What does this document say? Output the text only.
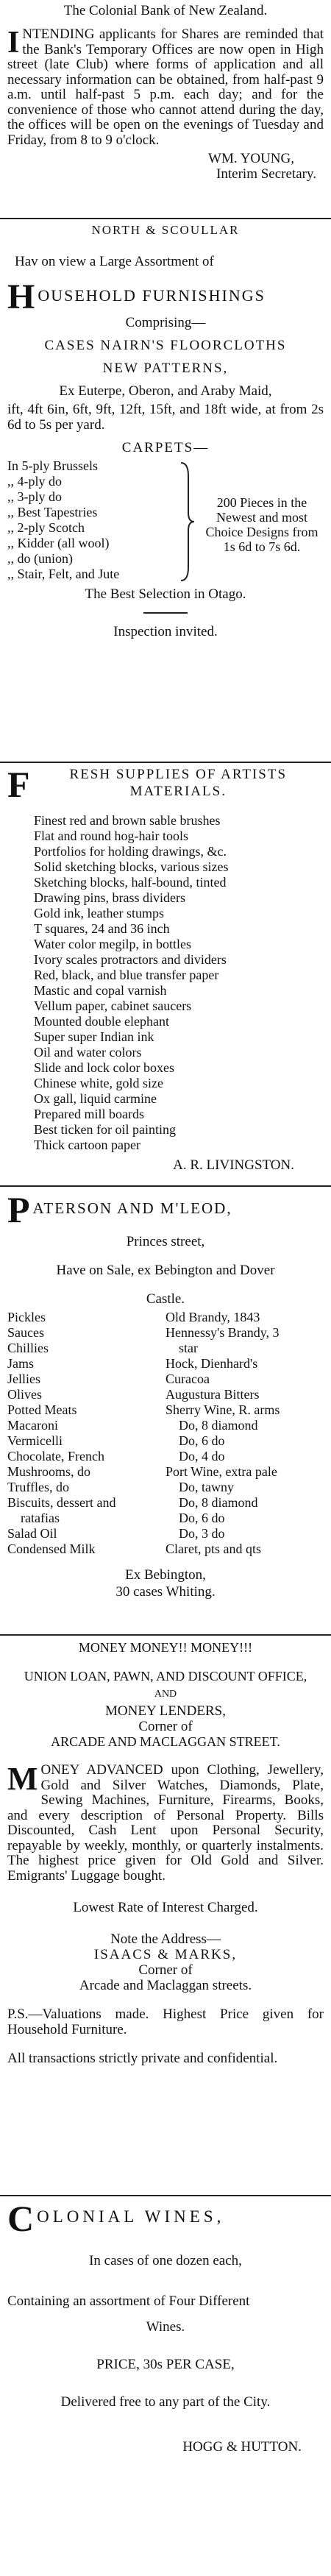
The Colonial Bank of New Zealand.

I NTENDING applicants for Shares are reminded that the Bank's Temporary Offices are now open in High street (late Club) where forms of application and all necessary information can be obtained, from half-past 9 a.m. until half-past 5 p.m. each day; and for the convenience of those who cannot attend during the day, the offices will be open on the evenings of Tuesday and Friday, from 8 to 9 o'clock.

WM. YOUNG,

Interim Secretary.

NORTH & SCOULLAR

Hav on view a Large Assortment of

H OUSEHOLD FURNISHINGS

Comprising—

CASES NAIRN'S FLOORCLOTHS

NEW PATTERNS,

Ex Euterpe, Oberon, and Araby Maid,

ift, 4ft 6in, 6ft, 9ft, 12ft, 15ft, and 18ft wide, at from 2s 6d to 5s per yard.

CARPETS—

In 5-ply Brussels
,, 4-ply do
,, 3-ply do
,, Best Tapestries
,, 2-ply Scotch
,, Kidder (all wool)
,, do (union)
,, Stair, Felt, and Jute

200 Pieces in the Newest and most Choice Designs from 1s 6d to 7s 6d.

The Best Selection in Otago.

Inspection invited.

F	RESH SUPPLIES OF ARTISTS MATERIALS.

Finest red and brown sable brushes
Flat and round hog-hair tools
Portfolios for holding drawings, &c.
Solid sketching blocks, various sizes
Sketching blocks, half-bound, tinted
Drawing pins, brass dividers
Gold ink, leather stumps
T squares, 24 and 36 inch
Water color megilp, in bottles
Ivory scales protractors and dividers
Red, black, and blue transfer paper
Mastic and copal varnish
Vellum paper, cabinet saucers
Mounted double elephant
Super super Indian ink
Oil and water colors
Slide and lock color boxes
Chinese white, gold size
Ox gall, liquid carmine
Prepared mill boards
Best ticken for oil painting
Thick cartoon paper

A. R. LIVINGSTON.

P ATERSON AND M'LEOD,

Princes street,

Have on Sale, ex Bebington and Dover

Castle.

Pickles
Sauces
Chillies
Jams
Jellies
Olives
Potted Meats
Macaroni
Vermicelli
Chocolate, French
Mushrooms, do
Truffles, do
Biscuits, dessert and
ratafias
Salad Oil
Condensed Milk
Old Brandy, 1843
Hennessy's Brandy, 3
star
Hock, Dienhard's
Curacoa
Augustura Bitters
Sherry Wine, R. arms
Do, 8 diamond
Do, 6 do
Do, 4 do
Port Wine, extra pale
Do, tawny
Do, 8 diamond
Do, 6 do
Do, 3 do
Claret, pts and qts

Ex Bebington,

30 cases Whiting.

MONEY MONEY!! MONEY!!!

UNION LOAN, PAWN, AND DISCOUNT OFFICE,

AND

MONEY LENDERS,

Corner of

ARCADE AND MACLAGGAN STREET.

M ONEY ADVANCED upon Clothing, Jewellery, Gold and Silver Watches, Diamonds, Plate, Sewing Machines, Furniture, Firearms, Books, and every description of Personal Property. Bills Discounted, Cash Lent upon Personal Security, repayable by weekly, monthly, or quarterly instalments. The highest price given for Old Gold and Silver. Emigrants' Luggage bought.

Lowest Rate of Interest Charged.

Note the Address—

ISAACS & MARKS,

Corner of

Arcade and Maclaggan streets.

P.S.—Valuations made. Highest Price given for Household Furniture.

All transactions strictly private and confidential.

C OLONIAL WINES,

In cases of one dozen each,

Containing an assortment of Four Different

Wines.

PRICE, 30s PER CASE,

Delivered free to any part of the City.

HOGG & HUTTON.
